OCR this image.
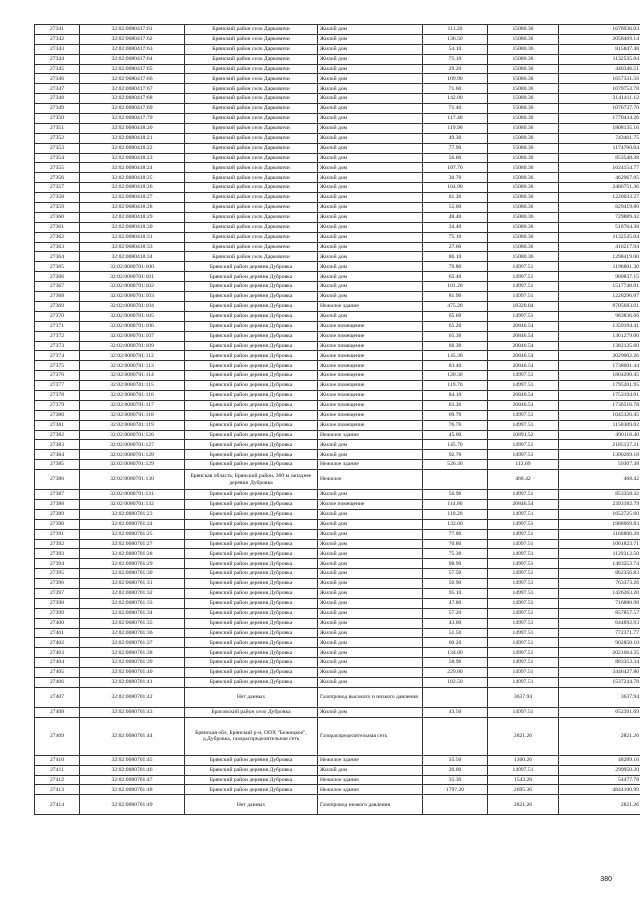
27341	32:02:0080417:61	Брянский район село Дарковичи	Жилой дом	111.20	15080.36	1676936.03
27342	32:02:0080417:62	Брянский район село Дарковичи	Жилой дом	136.50	15080.36	2058469.14
27343	32:02:0080417:63	Брянский район село Дарковичи	Жилой дом	54.10	15080.36	815847.48
27344	32:02:0080417:64	Брянский район село Дарковичи	Жилой дом	75.10	15080.36	1132535.04
27345	32:02:0080417:65	Брянский район село Дарковичи	Жилой дом	29.20	15080.36	440346.51
27346	32:02:0080417:66	Брянский район село Дарковичи	Жилой дом	109.90	15080.36	1657331.56
27347	32:02:0080417:67	Брянский район село Дарковичи	Жилой дом	71.60	15080.36	1079753.78
27348	32:02:0080417:68	Брянский район село Дарковичи	Жилой дом	142.00	15080.36	2141411.12
27349	32:02:0080417:69	Брянский район село Дарковичи	Жилой дом	71.40	15080.36	1076737.70
27350	32:02:0080417:70	Брянский район село Дарковичи	Жилой дом	117.40	15080.36	1770434.26
27351	32:02:0080418:20	Брянский район село Дарковичи	Жилой дом	119.90	15080.36	1808135.16
27352	32:02:0080418:21	Брянский район село Дарковичи	Жилой дом	49.30	15080.36	743461.75
27353	32:02:0080418:22	Брянский район село Дарковичи	Жилой дом	77.90	15080.36	1174760.04
27354	32:02:0080418:23	Брянский район село Дарковичи	Жилой дом	56.60	15080.36	853548.38
27355	32:02:0080418:24	Брянский район село Дарковичи	Жилой дом	107.70	15080.36	1624154.77
27356	32:02:0080418:25	Брянский район село Дарковичи	Жилой дом	30.70	15080.36	462967.05
27357	32:02:0080418:26	Брянский район село Дарковичи	Жилой дом	164.90	15080.36	2486751.36
27358	32:02:0080418:27	Брянский район село Дарковичи	Жилой дом	81.30	15080.36	1226033.27
27359	32:02:0080418:28	Брянский район село Дарковичи	Жилой дом	55.00	15080.36	829419.80
27360	32:02:0080418:29	Брянский район село Дарковичи	Жилой дом	48.40	15080.36	729889.42
27361	32:02:0080418:30	Брянский район село Дарковичи	Жилой дом	34.40	15080.36	518764.38
27362	32:02:0080418:31	Брянский район село Дарковичи	Жилой дом	75.10	15080.36	1132535.04
27363	32:02:0080418:33	Брянский район село Дарковичи	Жилой дом	27.60	15080.36	416217.94
27364	32:02:0080418:34	Брянский район село Дарковичи	Жилой дом	86.10	15080.36	1298419.00
27365	32:02:0080701:100	Брянский район деревня Дубровка	Жилой дом	79.80	14997.51	1196801.30
27366	32:02:0080701:101	Брянский район деревня Дубровка	Жилой дом	65.40	14997.51	980837.15
27367	32:02:0080701:102	Брянский район деревня Дубровка	Жилой дом	101.20	14997.51	1517748.01
27368	32:02:0080701:103	Брянский район деревня Дубровка	Жилой дом	81.90	14997.51	1228296.07
27369	32:02:0080701:104	Брянский район деревня Дубровка	Нежилое здание	475.20	18320.04	8705683.01
27370	32:02:0080701:105	Брянский район деревня Дубровка	Жилой дом	65.60	14997.51	983836.66
27371	32:02:0080701:106	Брянский район деревня Дубровка	Жилое помещение	65.20	20846.54	1359194.41
27372	32:02:0080701:107	Брянский район деревня Дубровка	Жилое помещение	65.30	20846.54	1361279.06
27373	32:02:0080701:109	Брянский район деревня Дубровка	Жилое помещение	66.30	20846.54	1382125.60
27374	32:02:0080701:112	Брянский район деревня Дубровка	Жилое помещение	145.30	20846.54	3029002.26
27375	32:02:0080701:113	Брянский район деревня Дубровка	Жилое помещение	83.40	20846.54	1738601.44
27376	32:02:0080701:114	Брянский район деревня Дубровка	Жилое помещение	120.30	14997.51	1804200.45
27377	32:02:0080701:115	Брянский район деревня Дубровка	Жилое помещение	119.70	14997.51	1795201.95
27378	32:02:0080701:116	Брянский район деревня Дубровка	Жилое помещение	84.10	20846.54	1753194.01
27379	32:02:0080701:117	Брянский район деревня Дубровка	Жилое помещение	83.30	20846.54	1736516.78
27380	32:02:0080701:118	Брянский район деревня Дубровка	Жилое помещение	69.70	14997.51	1045326.45
27381	32:02:0080701:119	Брянский район деревня Дубровка	Жилое помещение	76.70	14997.51	1150309.02
27382	32:02:0080701:126	Брянский район деревня Дубровка	Нежилое здание	45.00	10891.52	490118.40
27383	32:02:0080701:127	Брянский район деревня Дубровка	Жилой дом	145.70	14997.51	2185137.21
27384	32:02:0080701:128	Брянский район деревня Дубровка	Жилой дом	92.70	14997.51	1390269.18
27385	32:02:0080701:129	Брянский район деревня Дубровка	Нежилое здание	526.30	112.69	59307.38
27386	32:02:0080701:130	Брянская область, Брянский район, 300 м западнее деревни Дубровка	Нежилое		468.42	468.42
27387	32:02:0080701:131	Брянский район деревня Дубровка	Жилой дом	56.90	14997.51	853358.32
27388	32:02:0080701:132	Брянский район деревня Дубровка	Жилое помещение	114.80	20846.54	2393182.79
27389	32:02:0080701:23	Брянский район деревня Дубровка	Жилой дом	110.20	14997.51	1652725.60
27390	32:02:0080701:24	Брянский район деревня Дубровка	Жилой дом	132.60	14997.51	1988669.83
27391	32:02:0080701:25	Брянский район деревня Дубровка	Жилой дом	77.80	14997.51	1166806.28
27392	32:02:0080701:27	Брянский район деревня Дубровка	Жилой дом	70.80	14997.51	1061823.71
27393	32:02:0080701:28	Брянский район деревня Дубровка	Жилой дом	75.30	14997.51	1129312.50
27394	32:02:0080701:29	Брянский район деревня Дубровка	Жилой дом	98.90	14997.51	1483253.74
27395	32:02:0080701:30	Брянский район деревня Дубровка	Жилой дом	57.50	14997.51	862356.83
27396	32:02:0080701:31	Брянский район деревня Дубровка	Жилой дом	50.90	14997.51	763373.26
27397	32:02:0080701:32	Брянский район деревня Дубровка	Жилой дом	95.10	14997.51	1426263.20
27398	32:02:0080701:33	Брянский район деревня Дубровка	Жилой дом	47.80	14997.51	716880.98
27399	32:02:0080701:34	Брянский район деревня Дубровка	Жилой дом	57.20	14997.51	857857.57
27400	32:02:0080701:35	Брянский район деревня Дубровка	Жилой дом	43.00	14997.51	644892.93
27401	32:02:0080701:36	Брянский район деревня Дубровка	Жилой дом	51.50	14997.51	772371.77
27402	32:02:0080701:37	Брянский район деревня Дубровка	Жилой дом	60.20	14997.51	902850.10
27403	32:02:0080701:38	Брянский район деревня Дубровка	Жилой дом	134.80	14997.51	2021664.35
27404	32:02:0080701:39	Брянский район деревня Дубровка	Жилой дом	58.90	14997.51	883353.34
27405	32:02:0080701:40	Брянский район деревня Дубровка	Жилой дом	229.80	14997.51	3446427.80
27406	32:02:0080701:41	Брянский район деревня Дубровка	Жилой дом	102.50	14997.51	1537244.78
27407	32:02:0080701:42	Нет данных	Газопровод высокого и низкого давления		3637.94	3637.94
27408	32:02:0080701:43	Брасовский район село Дубровка	Жилой дом	43.50	14997.51	652391.69
27409	32:02:0080701:44	Брянская обл, Брянский р-н, ОПХ "Бежицкое", д.Дубровка, газораспределительная сеть	Газораспределительная сеть		2821.26	2821.26
27410	32:02:0080701:45	Брянский район деревня Дубровка	Нежилое здание	35.50	1360.26	48289.10
27411	32:02:0080701:46	Брянский район деревня Дубровка	Жилой дом	20.00	14997.51	299950.20
27412	32:02:0080701:47	Брянский район деревня Дубровка	Нежилое здание	35.30	1543.28	54477.78
27413	32:02:0080701:48	Брянский район деревня Дубровка	Нежилое здание	1797.20	2695.36	4844100.99
27414	32:02:0080701:49	Нет данных	Газопровод низкого давления		2821.26	2821.26
380
